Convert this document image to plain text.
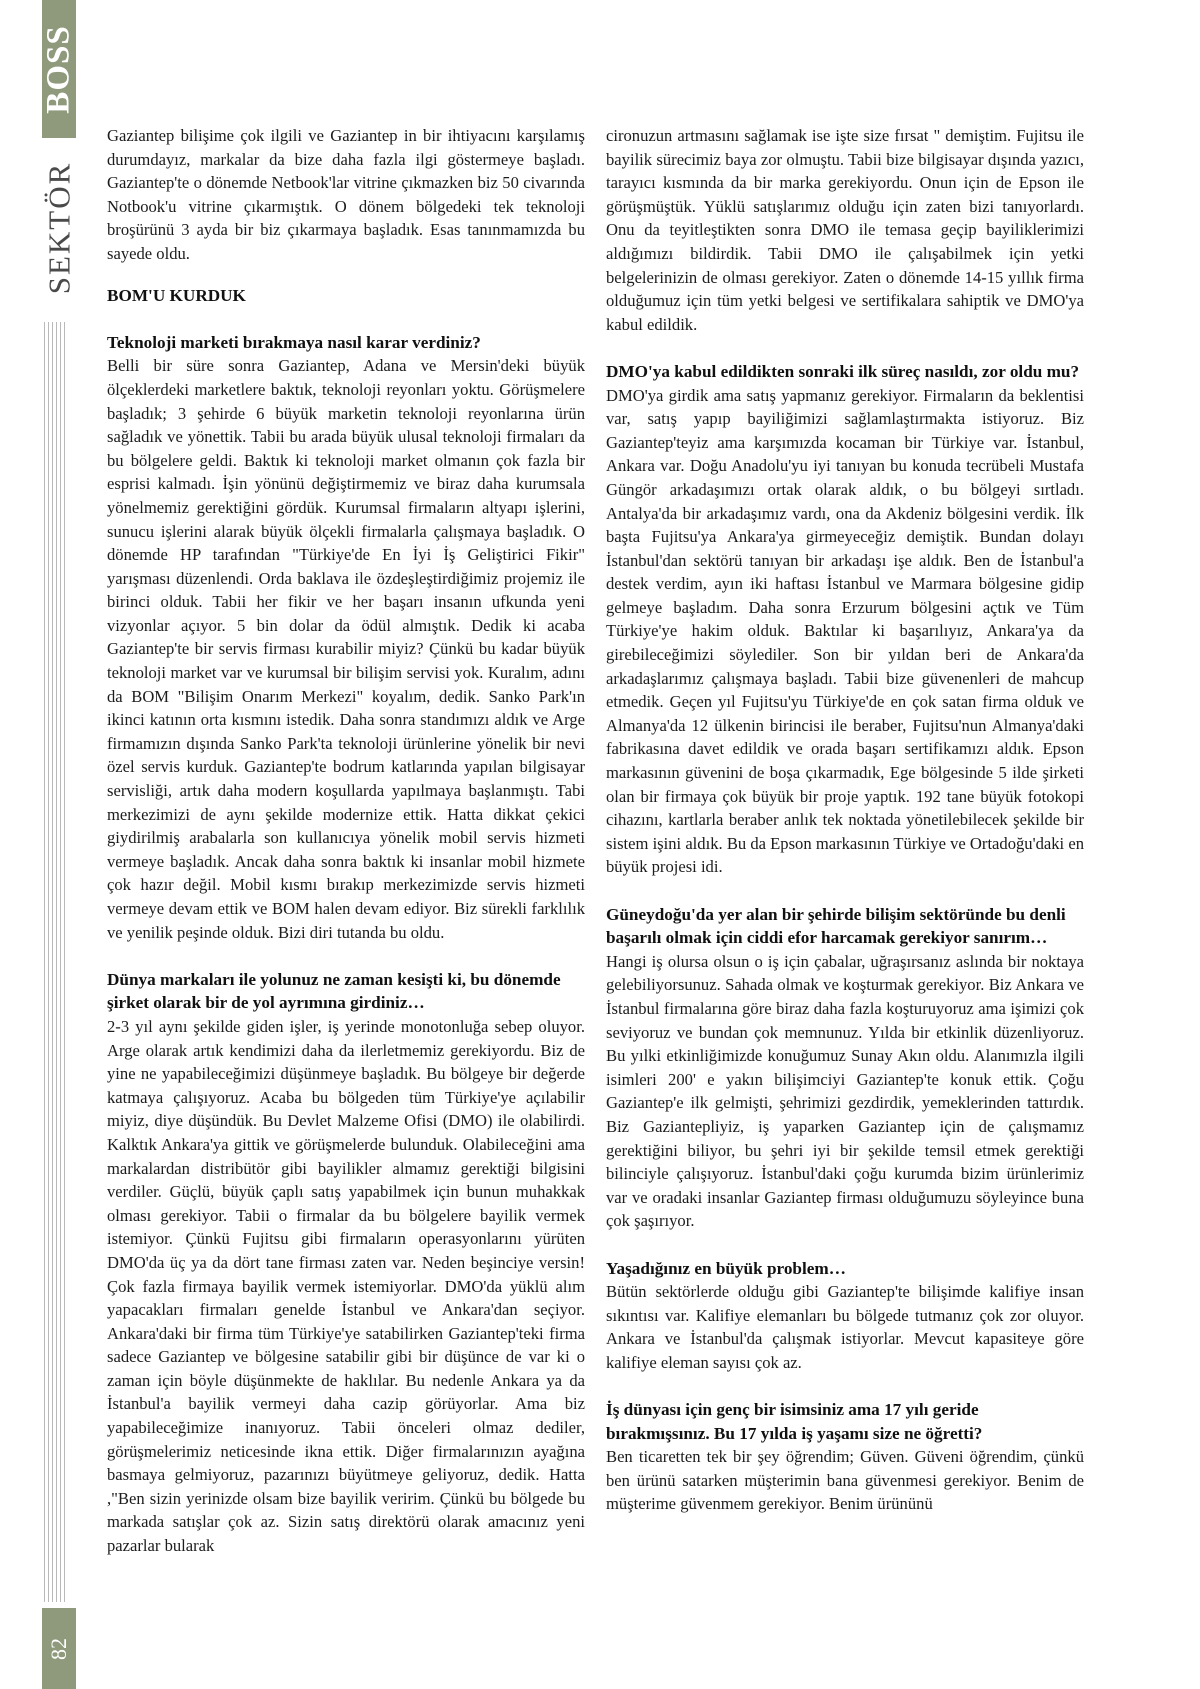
BOSS
SEKTÖR
82

Gaziantep bilişime çok ilgili ve Gaziantep in bir ihtiyacını karşılamış durumdayız, markalar da bize daha fazla ilgi göstermeye başladı. Gaziantep'te o dönemde Netbook'lar vitrine çıkmazken biz 50 civarında Notbook'u vitrine çıkarmıştık. O dönem bölgedeki tek teknoloji broşürünü 3 ayda bir biz çıkarmaya başladık. Esas tanınmamızda bu sayede oldu.

BOM'U KURDUK
Teknoloji marketi bırakmaya nasıl karar verdiniz?

Belli bir süre sonra Gaziantep, Adana ve Mersin'deki büyük ölçeklerdeki marketlere baktık, teknoloji reyonları yoktu. Görüşmelere başladık; 3 şehirde 6 büyük marketin teknoloji reyonlarına ürün sağladık ve yönettik. Tabii bu arada büyük ulusal teknoloji firmaları da bu bölgelere geldi. Baktık ki teknoloji market olmanın çok fazla bir esprisi kalmadı. İşin yönünü değiştirmemiz ve biraz daha kurumsala yönelmemiz gerektiğini gördük. Kurumsal firmaların altyapı işlerini, sunucu işlerini alarak büyük ölçekli firmalarla çalışmaya başladık. O dönemde HP tarafından "Türkiye'de En İyi İş Geliştirici Fikir" yarışması düzenlendi. Orda baklava ile özdeşleştirdiğimiz projemiz ile birinci olduk. Tabii her fikir ve her başarı insanın ufkunda yeni vizyonlar açıyor. 5 bin dolar da ödül almıştık. Dedik ki acaba Gaziantep'te bir servis firması kurabilir miyiz? Çünkü bu kadar büyük teknoloji market var ve kurumsal bir bilişim servisi yok. Kuralım, adını da BOM "Bilişim Onarım Merkezi" koyalım, dedik. Sanko Park'ın ikinci katının orta kısmını istedik. Daha sonra standımızı aldık ve Arge firmamızın dışında Sanko Park'ta teknoloji ürünlerine yönelik bir nevi özel servis kurduk. Gaziantep'te bodrum katlarında yapılan bilgisayar servisliği, artık daha modern koşullarda yapılmaya başlanmıştı. Tabi merkezimizi de aynı şekilde modernize ettik. Hatta dikkat çekici giydirilmiş arabalarla son kullanıcıya yönelik mobil servis hizmeti vermeye başladık. Ancak daha sonra baktık ki insanlar mobil hizmete çok hazır değil. Mobil kısmı bırakıp merkezimizde servis hizmeti vermeye devam ettik ve BOM halen devam ediyor. Biz sürekli farklılık ve yenilik peşinde olduk. Bizi diri tutanda bu oldu.

Dünya markaları ile yolunuz ne zaman kesişti ki, bu dönemde şirket olarak bir de yol ayrımına girdiniz…

2-3 yıl aynı şekilde giden işler, iş yerinde monotonluğa sebep oluyor. Arge olarak artık kendimizi daha da ilerletmemiz gerekiyordu. Biz de yine ne yapabileceğimizi düşünmeye başladık. Bu bölgeye bir değerde katmaya çalışıyoruz. Acaba bu bölgeden tüm Türkiye'ye açılabilir miyiz, diye düşündük. Bu Devlet Malzeme Ofisi (DMO) ile olabilirdi. Kalktık Ankara'ya gittik ve görüşmelerde bulunduk. Olabileceğini ama markalardan distribütör gibi bayilikler almamız gerektiği bilgisini verdiler. Güçlü, büyük çaplı satış yapabilmek için bunun muhakkak olması gerekiyor. Tabii o firmalar da bu bölgelere bayilik vermek istemiyor. Çünkü Fujitsu gibi firmaların operasyonlarını yürüten DMO'da üç ya da dört tane firması zaten var. Neden beşinciye versin! Çok fazla firmaya bayilik vermek istemiyorlar. DMO'da yüklü alım yapacakları firmaları genelde İstanbul ve Ankara'dan seçiyor. Ankara'daki bir firma tüm Türkiye'ye satabilirken Gaziantep'teki firma sadece Gaziantep ve bölgesine satabilir gibi bir düşünce de var ki o zaman için böyle düşünmekte de haklılar. Bu nedenle Ankara ya da İstanbul'a bayilik vermeyi daha cazip görüyorlar. Ama biz yapabileceğimize inanıyoruz. Tabii önceleri olmaz dediler, görüşmelerimiz neticesinde ikna ettik. Diğer firmalarınızın ayağına basmaya gelmiyoruz, pazarınızı büyütmeye geliyoruz, dedik. Hatta ,"Ben sizin yerinizde olsam bize bayilik veririm. Çünkü bu bölgede bu markada satışlar çok az. Sizin satış direktörü olarak amacınız yeni pazarlar bularak

cironuzun artmasını sağlamak ise işte size fırsat " demiştim. Fujitsu ile bayilik sürecimiz baya zor olmuştu. Tabii bize bilgisayar dışında yazıcı, tarayıcı kısmında da bir marka gerekiyordu. Onun için de Epson ile görüşmüştük. Yüklü satışlarımız olduğu için zaten bizi tanıyorlardı. Onu da teyitleştikten sonra DMO ile temasa geçip bayiliklerimizi aldığımızı bildirdik. Tabii DMO ile çalışabilmek için yetki belgelerinizin de olması gerekiyor. Zaten o dönemde 14-15 yıllık firma olduğumuz için tüm yetki belgesi ve sertifikalara sahiptik ve DMO'ya kabul edildik.

DMO'ya kabul edildikten sonraki ilk süreç nasıldı, zor oldu mu?

DMO'ya girdik ama satış yapmanız gerekiyor. Firmaların da beklentisi var, satış yapıp bayiliğimizi sağlamlaştırmakta istiyoruz. Biz Gaziantep'teyiz ama karşımızda kocaman bir Türkiye var. İstanbul, Ankara var. Doğu Anadolu'yu iyi tanıyan bu konuda tecrübeli Mustafa Güngör arkadaşımızı ortak olarak aldık, o bu bölgeyi sırtladı. Antalya'da bir arkadaşımız vardı, ona da Akdeniz bölgesini verdik. İlk başta Fujitsu'ya Ankara'ya girmeyeceğiz demiştik. Bundan dolayı İstanbul'dan sektörü tanıyan bir arkadaşı işe aldık. Ben de İstanbul'a destek verdim, ayın iki haftası İstanbul ve Marmara bölgesine gidip gelmeye başladım. Daha sonra Erzurum bölgesini açtık ve Tüm Türkiye'ye hakim olduk. Baktılar ki başarılıyız, Ankara'ya da girebileceğimizi söylediler. Son bir yıldan beri de Ankara'da arkadaşlarımız çalışmaya başladı. Tabii bize güvenenleri de mahcup etmedik. Geçen yıl Fujitsu'yu Türkiye'de en çok satan firma olduk ve Almanya'da 12 ülkenin birincisi ile beraber, Fujitsu'nun Almanya'daki fabrikasına davet edildik ve orada başarı sertifikamızı aldık. Epson markasının güvenini de boşa çıkarmadık, Ege bölgesinde 5 ilde şirketi olan bir firmaya çok büyük bir proje yaptık. 192 tane büyük fotokopi cihazını, kartlarla beraber anlık tek noktada yönetilebilecek şekilde bir sistem işini aldık. Bu da Epson markasının Türkiye ve Ortadoğu'daki en büyük projesi idi.

Güneydoğu'da yer alan bir şehirde bilişim sektöründe bu denli başarılı olmak için ciddi efor harcamak gerekiyor sanırım…

Hangi iş olursa olsun o iş için çabalar, uğraşırsanız aslında bir noktaya gelebiliyorsunuz. Sahada olmak ve koşturmak gerekiyor. Biz Ankara ve İstanbul firmalarına göre biraz daha fazla koşturuyoruz ama işimizi çok seviyoruz ve bundan çok memnunuz. Yılda bir etkinlik düzenliyoruz. Bu yılki etkinliğimizde konuğumuz Sunay Akın oldu. Alanımızla ilgili isimleri 200' e yakın bilişimciyi Gaziantep'te konuk ettik. Çoğu Gaziantep'e ilk gelmişti, şehrimizi gezdirdik, yemeklerinden tattırdık. Biz Gaziantepliyiz, iş yaparken Gaziantep için de çalışmamız gerektiğini biliyor, bu şehri iyi bir şekilde temsil etmek gerektiği bilinciyle çalışıyoruz. İstanbul'daki çoğu kurumda bizim ürünlerimiz var ve oradaki insanlar Gaziantep firması olduğumuzu söyleyince buna çok şaşırıyor.

Yaşadığınız en büyük problem…

Bütün sektörlerde olduğu gibi Gaziantep'te bilişimde kalifiye insan sıkıntısı var. Kalifiye elemanları bu bölgede tutmanız çok zor oluyor. Ankara ve İstanbul'da çalışmak istiyorlar. Mevcut kapasiteye göre kalifiye eleman sayısı çok az.

İş dünyası için genç bir isimsiniz ama 17 yılı geride bırakmışsınız. Bu 17 yılda iş yaşamı size ne öğretti?

Ben ticaretten tek bir şey öğrendim; Güven. Güveni öğrendim, çünkü ben ürünü satarken müşterimin bana güvenmesi gerekiyor. Benim de müşterime güvenmem gerekiyor. Benim ürününü
